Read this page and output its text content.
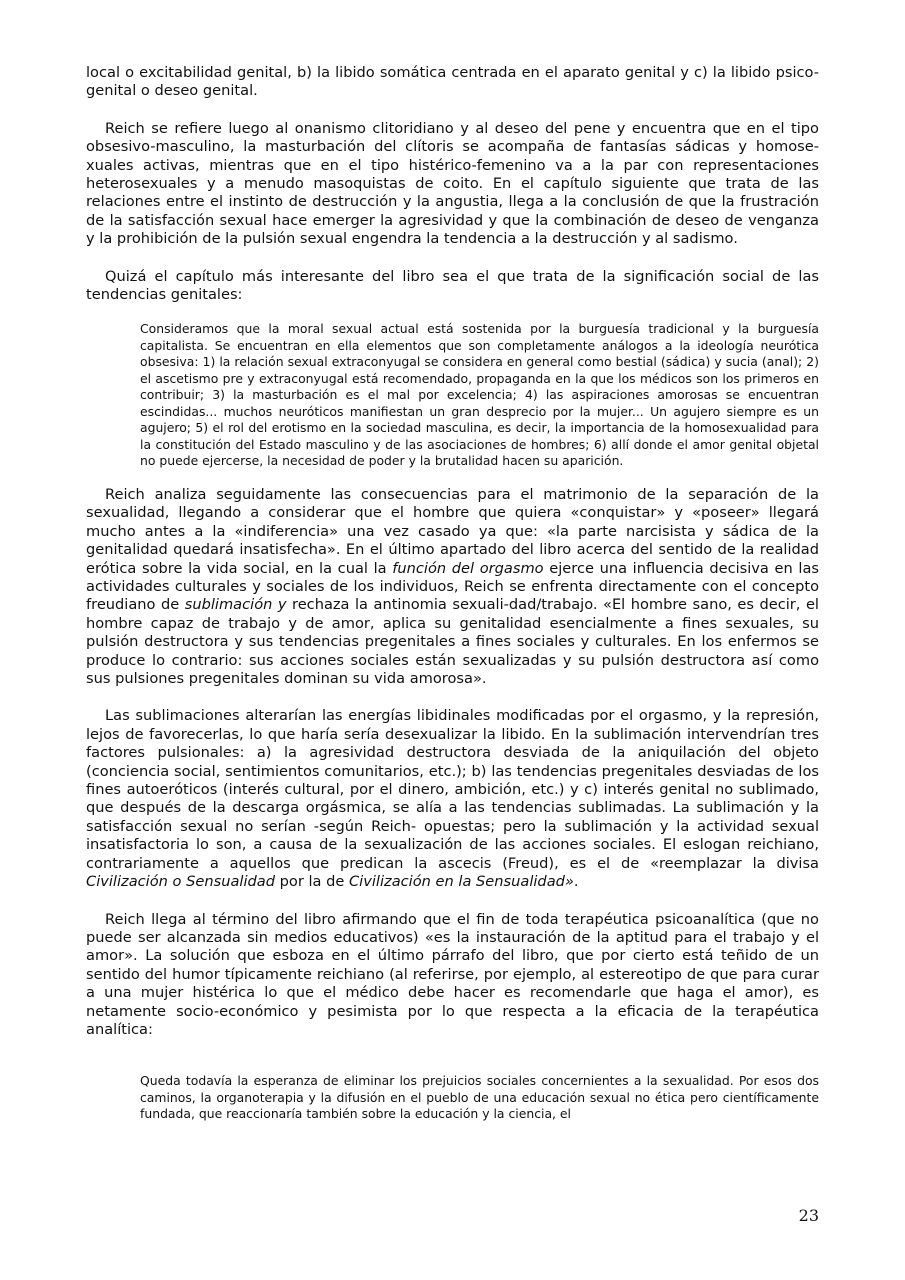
local o excitabilidad genital, b) la libido somática centrada en el aparato genital y c) la libido psico-genital o deseo genital.

Reich se refiere luego al onanismo clitoridiano y al deseo del pene y encuentra que en el tipo obsesivo-masculino, la masturbación del clítoris se acompaña de fantasías sádicas y homose-xuales activas, mientras que en el tipo histérico-femenino va a la par con representaciones heterosexuales y a menudo masoquistas de coito. En el capítulo siguiente que trata de las relaciones entre el instinto de destrucción y la angustia, llega a la conclusión de que la frustración de la satisfacción sexual hace emerger la agresividad y que la combinación de deseo de venganza y la prohibición de la pulsión sexual engendra la tendencia a la destrucción y al sadismo.

Quizá el capítulo más interesante del libro sea el que trata de la significación social de las tendencias genitales:

Consideramos que la moral sexual actual está sostenida por la burguesía tradicional y la burguesía capitalista. Se encuentran en ella elementos que son completamente análogos a la ideología neurótica obsesiva: 1) la relación sexual extraconyugal se considera en general como bestial (sádica) y sucia (anal); 2) el ascetismo pre y extraconyugal está recomendado, propaganda en la que los médicos son los primeros en contribuir; 3) la masturbación es el mal por excelencia; 4) las aspiraciones amorosas se encuentran escindidas... muchos neuróticos manifiestan un gran desprecio por la mujer... Un agujero siempre es un agujero; 5) el rol del erotismo en la sociedad masculina, es decir, la importancia de la homosexualidad para la constitución del Estado masculino y de las asociaciones de hombres; 6) allí donde el amor genital objetal no puede ejercerse, la necesidad de poder y la brutalidad hacen su aparición.

Reich analiza seguidamente las consecuencias para el matrimonio de la separación de la sexualidad, llegando a considerar que el hombre que quiera «conquistar» y «poseer» llegará mucho antes a la «indiferencia» una vez casado ya que: «la parte narcisista y sádica de la genitalidad quedará insatisfecha». En el último apartado del libro acerca del sentido de la realidad erótica sobre la vida social, en la cual la función del orgasmo ejerce una influencia decisiva en las actividades culturales y sociales de los individuos, Reich se enfrenta directamente con el concepto freudiano de sublimación y rechaza la antinomia sexuali-dad/trabajo. «El hombre sano, es decir, el hombre capaz de trabajo y de amor, aplica su genitalidad esencialmente a fines sexuales, su pulsión destructora y sus tendencias pregenitales a fines sociales y culturales. En los enfermos se produce lo contrario: sus acciones sociales están sexualizadas y su pulsión destructora así como sus pulsiones pregenitales dominan su vida amorosa».

Las sublimaciones alterarían las energías libidinales modificadas por el orgasmo, y la represión, lejos de favorecerlas, lo que haría sería desexualizar la libido. En la sublimación intervendrían tres factores pulsionales: a) la agresividad destructora desviada de la aniquilación del objeto (conciencia social, sentimientos comunitarios, etc.); b) las tendencias pregenitales desviadas de los fines autoeróticos (interés cultural, por el dinero, ambición, etc.) y c) interés genital no sublimado, que después de la descarga orgásmica, se alía a las tendencias sublimadas. La sublimación y la satisfacción sexual no serían -según Reich- opuestas; pero la sublimación y la actividad sexual insatisfactoria lo son, a causa de la sexualización de las acciones sociales. El eslogan reichiano, contrariamente a aquellos que predican la ascecis (Freud), es el de «reemplazar la divisa Civilización o Sensualidad por la de Civilización en la Sensualidad».

Reich llega al término del libro afirmando que el fin de toda terapéutica psicoanalítica (que no puede ser alcanzada sin medios educativos) «es la instauración de la aptitud para el trabajo y el amor». La solución que esboza en el último párrafo del libro, que por cierto está teñido de un sentido del humor típicamente reichiano (al referirse, por ejemplo, al estereotipo de que para curar a una mujer histérica lo que el médico debe hacer es recomendarle que haga el amor), es netamente socio-económico y pesimista por lo que respecta a la eficacia de la terapéutica analítica:

Queda todavía la esperanza de eliminar los prejuicios sociales concernientes a la sexualidad. Por esos dos caminos, la organoterapia y la difusión en el pueblo de una educación sexual no ética pero científicamente fundada, que reaccionaría también sobre la educación y la ciencia, el

23
